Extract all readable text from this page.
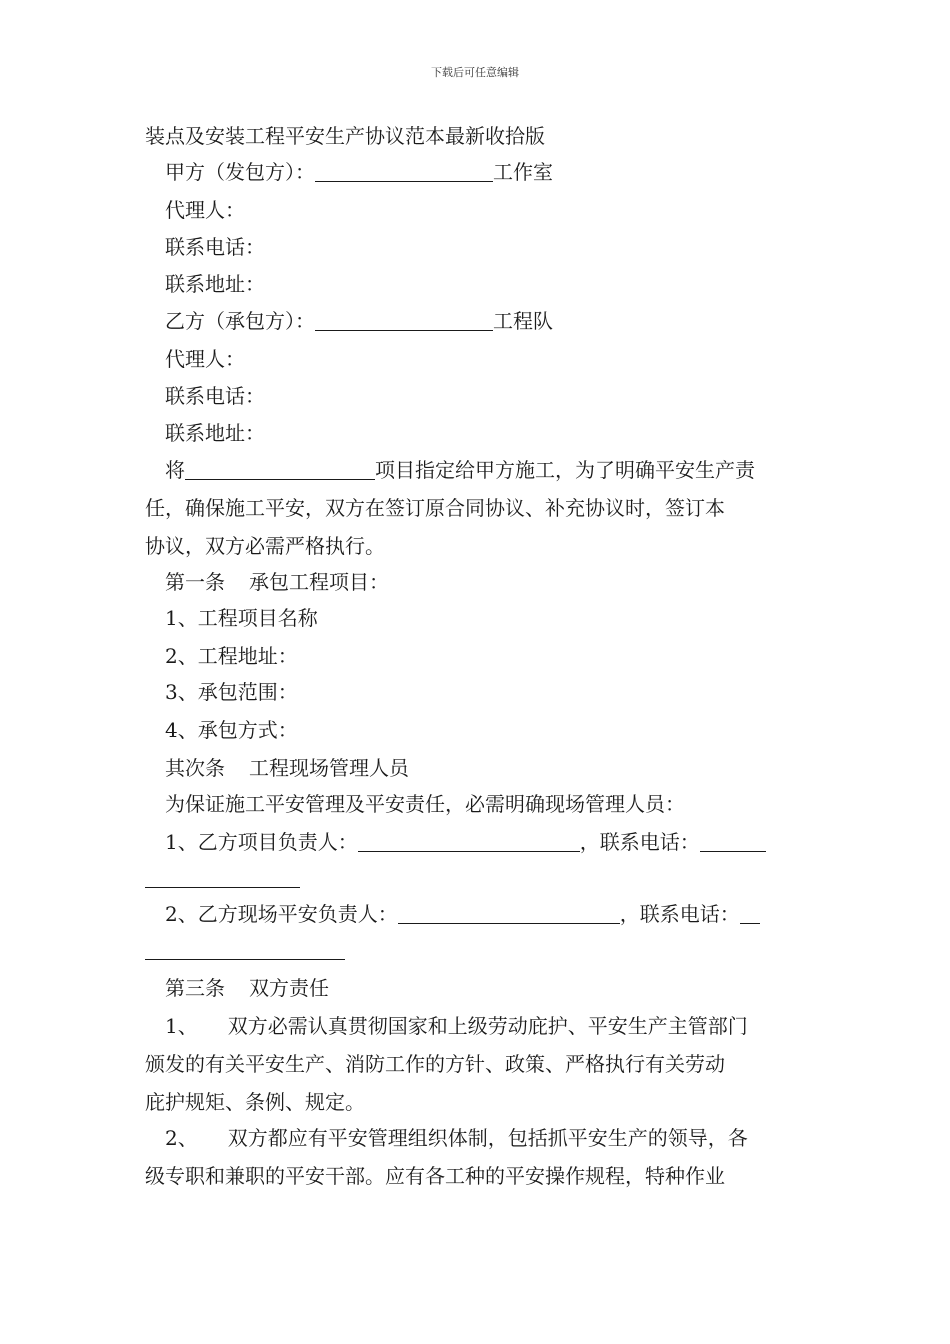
下载后可任意编辑
装点及安装工程平安生产协议范本最新收拾版
甲方（发包方）：	工作室
代理人：
联系电话：
联系地址：
乙方（承包方）：	工程队
代理人：
联系电话：
联系地址：
将	项目指定给甲方施工，为了明确平安生产责
任，确保施工平安，双方在签订原合同协议、补充协议时，签订本
协议，双方必需严格执行。
第一条 承包工程项目：
1、工程项目名称
2、工程地址：
3、承包范围：
4、承包方式：
其次条 工程现场管理人员
为保证施工平安管理及平安责任，必需明确现场管理人员：
1、乙方项目负责人：	，联系电话：
2、乙方现场平安负责人：	，联系电话：
第三条 双方责任
1、 双方必需认真贯彻国家和上级劳动庇护、平安生产主管部门
颁发的有关平安生产、消防工作的方针、政策、严格执行有关劳动
庇护规矩、条例、规定。
2、 双方都应有平安管理组织体制，包括抓平安生产的领导，各
级专职和兼职的平安干部。应有各工种的平安操作规程，特种作业
